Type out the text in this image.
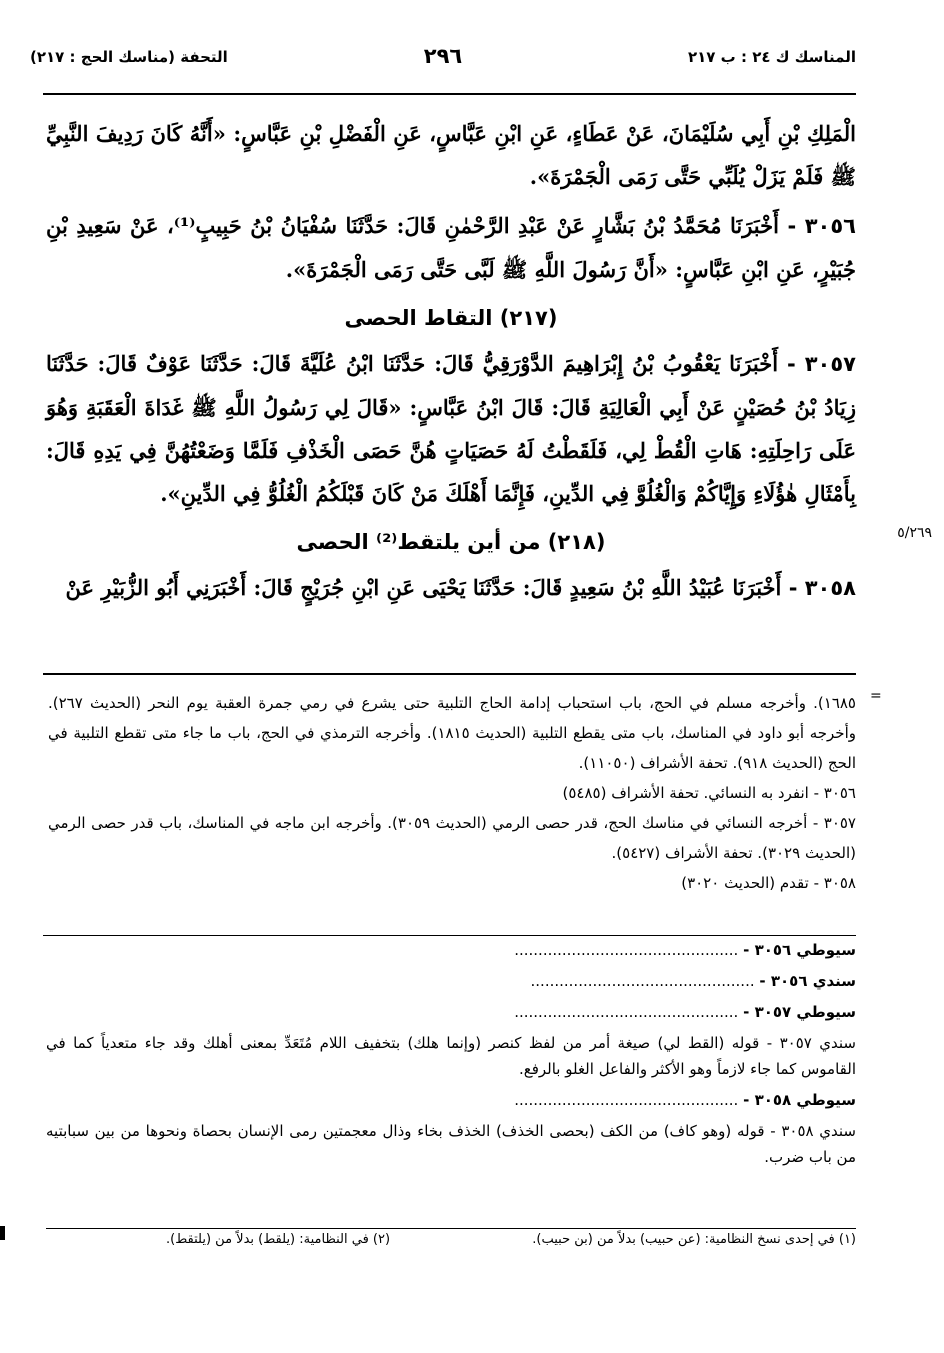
المناسك ك ٢٤ : ب ٢١٧
٢٩٦
التحفة (مناسك الحج : ٢١٧)

الْمَلِكِ بْنِ أَبِي سُلَيْمَانَ، عَنْ عَطَاءٍ، عَنِ ابْنِ عَبَّاسٍ، عَنِ الْفَضْلِ بْنِ عَبَّاسٍ: «أَنَّهُ كَانَ رَدِيفَ النَّبِيِّ ﷺ فَلَمْ يَزَلْ يُلَبِّي حَتَّى رَمَى الْجَمْرَةَ».

٣٠٥٦ - أَخْبَرَنَا مُحَمَّدُ بْنُ بَشَّارٍ عَنْ عَبْدِ الرَّحْمٰنِ قَالَ: حَدَّثَنَا سُفْيَانُ بْنُ حَبِيبٍ⁽¹⁾، عَنْ سَعِيدِ بْنِ جُبَيْرٍ، عَنِ ابْنِ عَبَّاسٍ: «أَنَّ رَسُولَ اللَّهِ ﷺ لَبَّى حَتَّى رَمَى الْجَمْرَةَ».

(٢١٧) التقاط الحصى

٣٠٥٧ - أَخْبَرَنَا يَعْقُوبُ بْنُ إِبْرَاهِيمَ الدَّوْرَقِيُّ قَالَ: حَدَّثَنَا ابْنُ عُلَيَّةَ قَالَ: حَدَّثَنَا عَوْفٌ قَالَ: حَدَّثَنَا زِيَادُ بْنُ حُصَيْنٍ عَنْ أَبِي الْعَالِيَةِ قَالَ: قَالَ ابْنُ عَبَّاسٍ: «قَالَ لِي رَسُولُ اللَّهِ ﷺ غَدَاةَ الْعَقَبَةِ وَهُوَ عَلَى رَاحِلَتِهِ: هَاتِ الْقُطْ لِي، فَلَقَطْتُ لَهُ حَصَيَاتٍ هُنَّ حَصَى الْخَذْفِ فَلَمَّا وَضَعْتُهُنَّ فِي يَدِهِ قَالَ: بِأَمْثَالِ هٰؤُلَاءِ وَإِيَّاكُمْ وَالْغُلُوَّ فِي الدِّينِ، فَإِنَّمَا أَهْلَكَ مَنْ كَانَ قَبْلَكُمُ الْغُلُوُّ فِي الدِّينِ».

(٢١٨) من أين يلتقط⁽²⁾ الحصى

٣٠٥٨ - أَخْبَرَنَا عُبَيْدُ اللَّهِ بْنُ سَعِيدٍ قَالَ: حَدَّثَنَا يَحْيَى عَنِ ابْنِ جُرَيْجٍ قَالَ: أَخْبَرَنِي أَبُو الزُّبَيْرِ عَنْ

٥/٢٦٩
=

١٦٨٥). وأخرجه مسلم في الحج، باب استحباب إدامة الحاج التلبية حتى يشرع في رمي جمرة العقبة يوم النحر (الحديث ٢٦٧). وأخرجه أبو داود في المناسك، باب متى يقطع التلبية (الحديث ١٨١٥). وأخرجه الترمذي في الحج، باب ما جاء متى تقطع التلبية في الحج (الحديث ٩١٨). تحفة الأشراف (١١٠٥٠).

٣٠٥٦ - انفرد به النسائي. تحفة الأشراف (٥٤٨٥)

٣٠٥٧ - أخرجه النسائي في مناسك الحج، قدر حصى الرمي (الحديث ٣٠٥٩). وأخرجه ابن ماجه في المناسك، باب قدر حصى الرمي (الحديث ٣٠٢٩). تحفة الأشراف (٥٤٢٧).

٣٠٥٨ - تقدم (الحديث ٣٠٢٠)

سيوطي ٣٠٥٦ - ...............................................

سندي ٣٠٥٦ - ...............................................

سيوطي ٣٠٥٧ - ...............................................

سندي ٣٠٥٧ - قوله (القط لي) صيغة أمر من لفظ كنصر (وإنما هلك) بتخفيف اللام مُتَعَدِّ بمعنى أهلك وقد جاء متعدياً كما في القاموس كما جاء لازماً وهو الأكثر والفاعل الغلو بالرفع.

سيوطي ٣٠٥٨ - ...............................................

سندي ٣٠٥٨ - قوله (وهو كاف) من الكف (بحصى الخذف) الخذف بخاء وذال معجمتين رمى الإنسان بحصاة ونحوها من بين سبابتيه من باب ضرب.

(١) في إحدى نسخ النظامية: (عن حبيب) بدلاً من (بن حبيب).
(٢) في النظامية: (يلقط) بدلاً من (يلتقط).
